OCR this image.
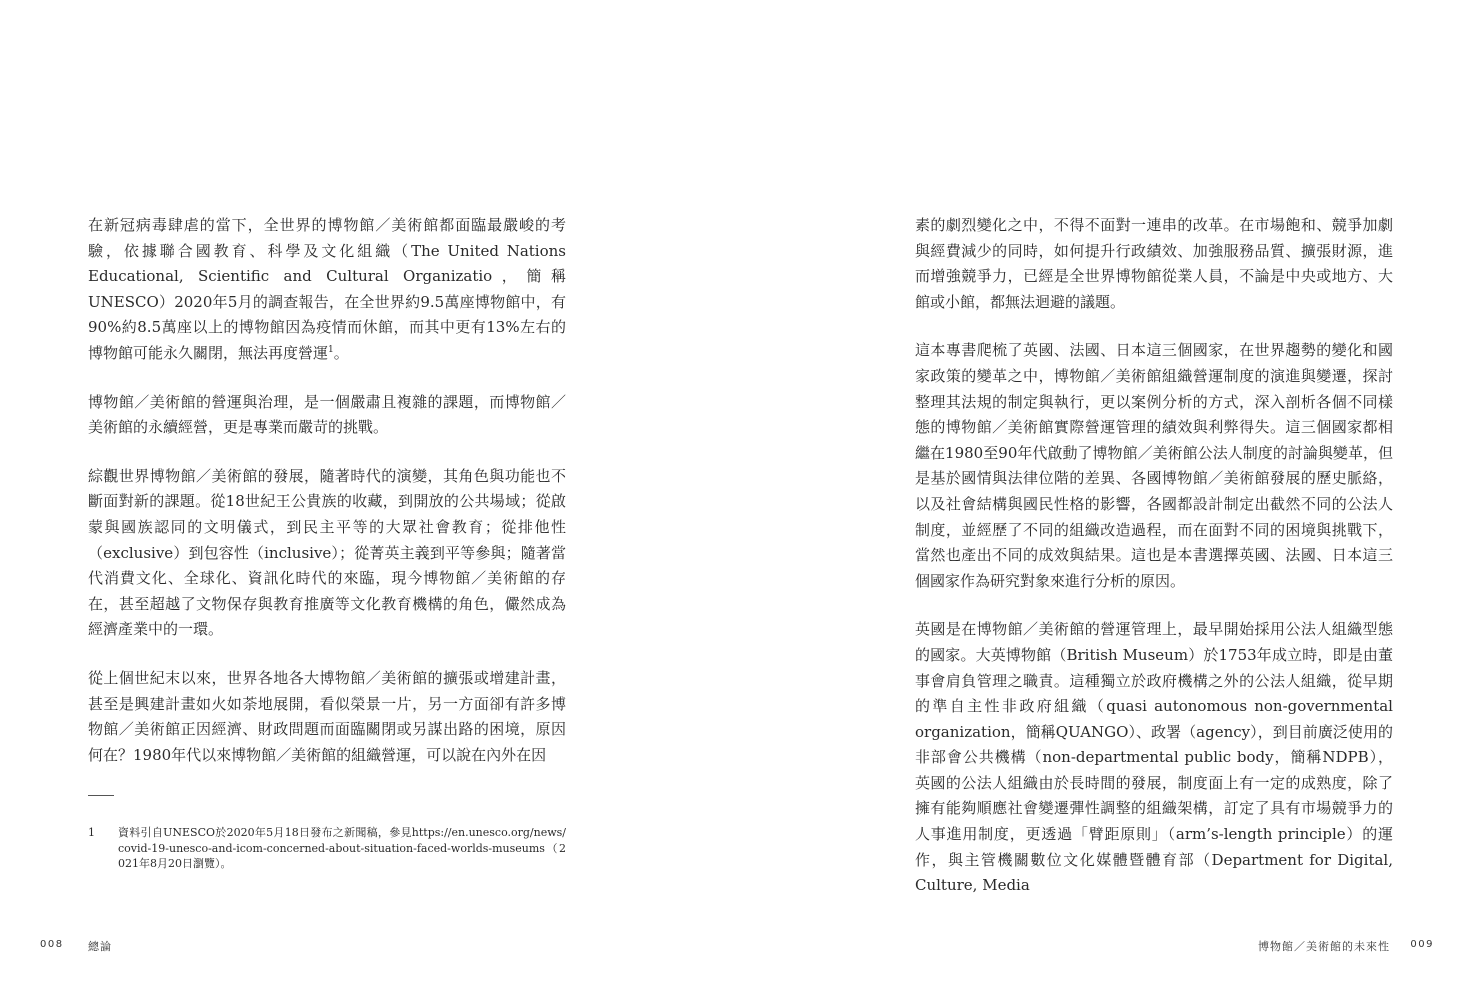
在新冠病毒肆虐的當下，全世界的博物館／美術館都面臨最嚴峻的考驗，依據聯合國教育、科學及文化組織（The United Nations Educational, Scientific and Cultural Organizatio，簡稱UNESCO）2020年5月的調查報告，在全世界約9.5萬座博物館中，有90%約8.5萬座以上的博物館因為疫情而休館，而其中更有13%左右的博物館可能永久關閉，無法再度營運$^1$。

博物館／美術館的營運與治理，是一個嚴肅且複雜的課題，而博物館／美術館的永續經營，更是專業而嚴苛的挑戰。

綜觀世界博物館／美術館的發展，隨著時代的演變，其角色與功能也不斷面對新的課題。從18世紀王公貴族的收藏，到開放的公共場域；從啟蒙與國族認同的文明儀式，到民主平等的大眾社會教育；從排他性（exclusive）到包容性（inclusive）；從菁英主義到平等參與；隨著當代消費文化、全球化、資訊化時代的來臨，現今博物館／美術館的存在，甚至超越了文物保存與教育推廣等文化教育機構的角色，儼然成為經濟產業中的一環。

從上個世紀末以來，世界各地各大博物館／美術館的擴張或增建計畫，甚至是興建計畫如火如荼地展開，看似榮景一片，另一方面卻有許多博物館／美術館正因經濟、財政問題而面臨關閉或另謀出路的困境，原因何在？1980年代以來博物館／美術館的組織營運，可以說在內外在因

1	資料引自UNESCO於2020年5月18日發布之新聞稿，參見https://en.unesco.org/news/covid-19-unesco-and-icom-concerned-about-situation-faced-worlds-museums（2021年8月20日瀏覽）。
008 總論

素的劇烈變化之中，不得不面對一連串的改革。在市場飽和、競爭加劇與經費減少的同時，如何提升行政績效、加強服務品質、擴張財源，進而增強競爭力，已經是全世界博物館從業人員，不論是中央或地方、大館或小館，都無法迴避的議題。

這本專書爬梳了英國、法國、日本這三個國家，在世界趨勢的變化和國家政策的變革之中，博物館／美術館組織營運制度的演進與變遷，探討整理其法規的制定與執行，更以案例分析的方式，深入剖析各個不同樣態的博物館／美術館實際營運管理的績效與利弊得失。這三個國家都相繼在1980至90年代啟動了博物館／美術館公法人制度的討論與變革，但是基於國情與法律位階的差異、各國博物館／美術館發展的歷史脈絡，以及社會結構與國民性格的影響，各國都設計制定出截然不同的公法人制度，並經歷了不同的組織改造過程，而在面對不同的困境與挑戰下，當然也產出不同的成效與結果。這也是本書選擇英國、法國、日本這三個國家作為研究對象來進行分析的原因。

英國是在博物館／美術館的營運管理上，最早開始採用公法人組織型態的國家。大英博物館（British Museum）於1753年成立時，即是由董事會肩負管理之職責。這種獨立於政府機構之外的公法人組織，從早期的準自主性非政府組織（quasi autonomous non-governmental organization，簡稱QUANGO）、政署（agency），到目前廣泛使用的非部會公共機構（non-departmental public body，簡稱NDPB），英國的公法人組織由於長時間的發展，制度面上有一定的成熟度，除了擁有能夠順應社會變遷彈性調整的組織架構，訂定了具有市場競爭力的人事進用制度，更透過「臂距原則」（arm’s-length principle）的運作，與主管機關數位文化媒體暨體育部（Department for Digital, Culture, Media

博物館／美術館的未來性 009
